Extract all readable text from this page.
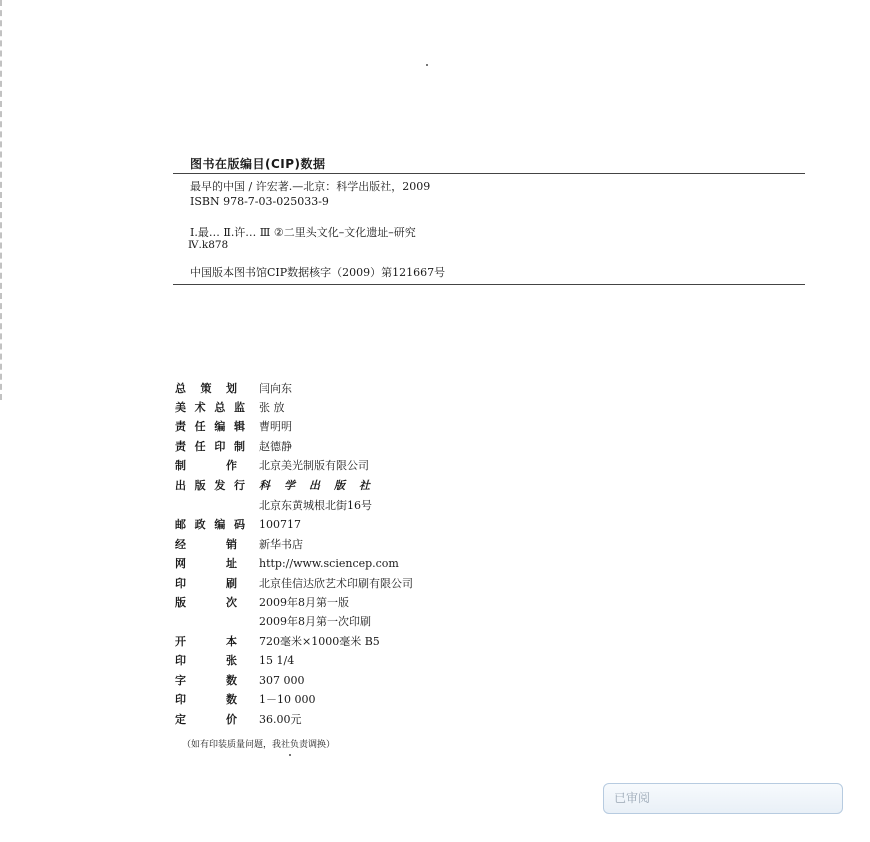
图书在版编目(CIP)数据

最早的中国 / 许宏著.—北京：科学出版社，2009

ISBN 978-7-03-025033-9

Ⅰ.最… Ⅱ.许… Ⅲ ②二里头文化–文化遗址–研究

Ⅳ.k878

中国版本图书馆CIP数据核字（2009）第121667号

总 策 划 闫向东
美 术 总 监 张 放
责 任 编 辑 曹明明
责 任 印 制 赵德静
制	作 北京美光制版有限公司
出 版 发 行 科学出版社
北京东黄城根北街16号
邮 政 编 码 100717
经	销 新华书店
网	址 http://www.sciencep.com
印	刷 北京佳信达欣艺术印刷有限公司
版	次 2009年8月第一版
2009年8月第一次印刷
开	本 720毫米×1000毫米 B5
印	张 15 1/4
字	数 307 000
印	数 1－10 000
定	价 36.00元
（如有印装质量问题，我社负责调换）
已审阅
